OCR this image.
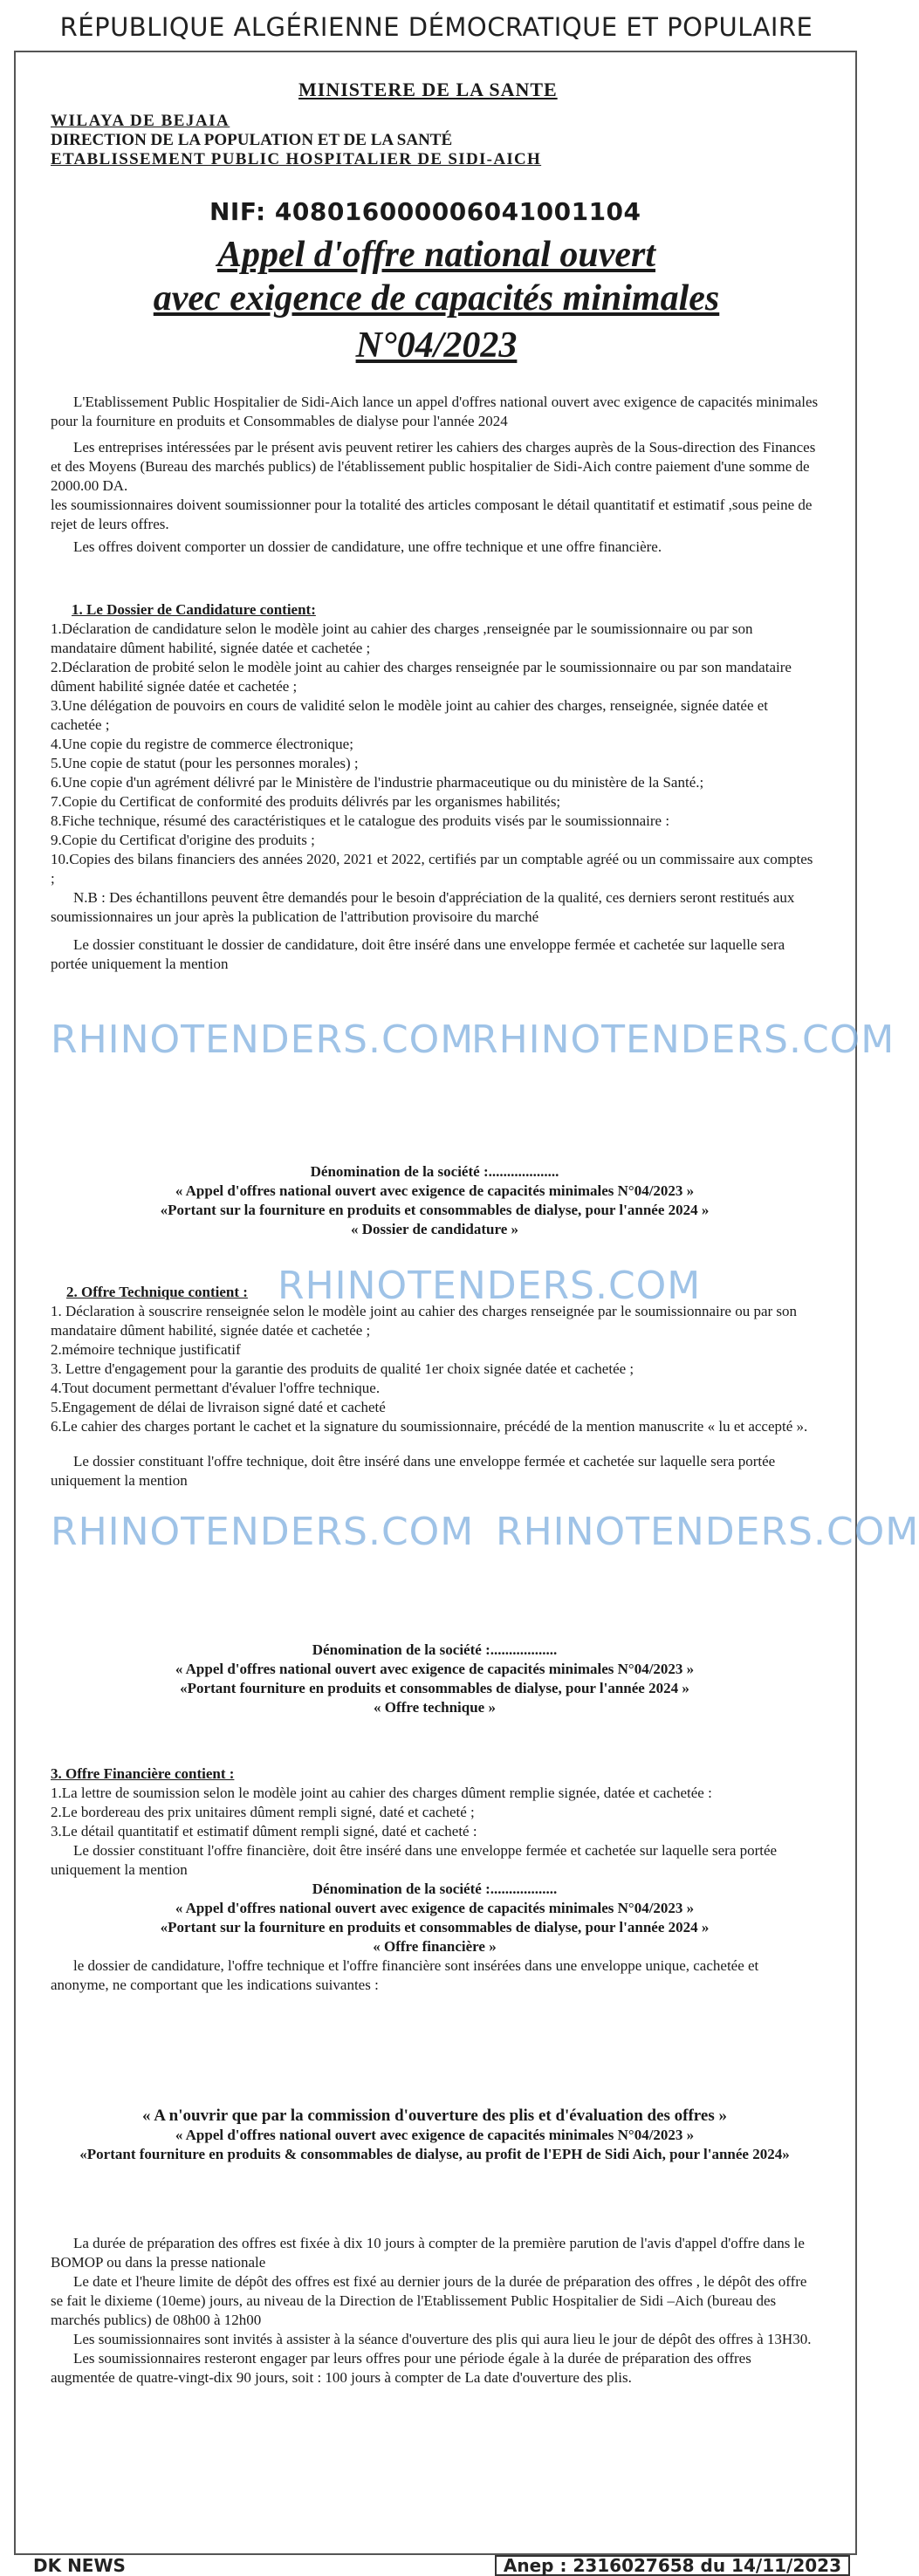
RÉPUBLIQUE ALGÉRIENNE DÉMOCRATIQUE ET POPULAIRE
MINISTERE DE LA SANTE
WILAYA DE BEJAIA
DIRECTION DE LA POPULATION ET DE LA SANTÉ
ETABLISSEMENT PUBLIC HOSPITALIER DE SIDI-AICH
NIF: 408016000006041001104
Appel d'offre national ouvert
avec exigence de capacités minimales
N°04/2023

L'Etablissement Public Hospitalier de Sidi-Aich lance un appel d'offres national ouvert avec exigence de capacités minimales pour la fourniture en produits et Consommables de dialyse pour l'année 2024

Les entreprises intéressées par le présent avis peuvent retirer les cahiers des charges auprès de la Sous-direction des Finances et des Moyens (Bureau des marchés publics) de l'établissement public hospitalier de Sidi-Aich contre paiement d'une somme de 2000.00 DA.

les soumissionnaires doivent soumissionner pour la totalité des articles composant le détail quantitatif et estimatif ,sous peine de rejet de leurs offres.

Les offres doivent comporter un dossier de candidature, une offre technique et une offre financière.

1. Le Dossier de Candidature contient:

1.Déclaration de candidature selon le modèle joint au cahier des charges ,renseignée par le soumissionnaire ou par son mandataire dûment habilité, signée datée et cachetée ;

2.Déclaration de probité selon le modèle joint au cahier des charges renseignée par le soumissionnaire ou par son mandataire dûment habilité signée datée et cachetée ;

3.Une délégation de pouvoirs en cours de validité selon le modèle joint au cahier des charges, renseignée, signée datée et cachetée ;

4.Une copie du registre de commerce électronique;

5.Une copie de statut (pour les personnes morales) ;

6.Une copie d'un agrément délivré par le Ministère de l'industrie pharmaceutique ou du ministère de la Santé.;

7.Copie du Certificat de conformité des produits délivrés par les organismes habilités;

8.Fiche technique, résumé des caractéristiques et le catalogue des produits visés par le soumissionnaire :

9.Copie du Certificat d'origine des produits ;

10.Copies des bilans financiers des années 2020, 2021 et 2022, certifiés par un comptable agréé ou un commissaire aux comptes ;

N.B : Des échantillons peuvent être demandés pour le besoin d'appréciation de la qualité, ces derniers seront restitués aux soumissionnaires un jour après la publication de l'attribution provisoire du marché

Le dossier constituant le dossier de candidature, doit être inséré dans une enveloppe fermée et cachetée sur laquelle sera portée uniquement la mention

Dénomination de la société :...................
« Appel d'offres national ouvert avec exigence de capacités minimales N°04/2023 »
«Portant sur la fourniture en produits et consommables de dialyse, pour l'année 2024 »
« Dossier de candidature »
2. Offre Technique contient :

1. Déclaration à souscrire renseignée selon le modèle joint au cahier des charges renseignée par le soumissionnaire ou par son mandataire dûment habilité, signée datée et cachetée ;

2.mémoire technique justificatif

3. Lettre d'engagement pour la garantie des produits de qualité 1er choix signée datée et cachetée ;

4.Tout document permettant d'évaluer l'offre technique.

5.Engagement de délai de livraison signé daté et cacheté

6.Le cahier des charges portant le cachet et la signature du soumissionnaire, précédé de la mention manuscrite « lu et accepté ».

Le dossier constituant l'offre technique, doit être inséré dans une enveloppe fermée et cachetée sur laquelle sera portée uniquement la mention

Dénomination de la société :..................
« Appel d'offres national ouvert avec exigence de capacités minimales N°04/2023 »
«Portant fourniture en produits et consommables de dialyse, pour l'année 2024 »
« Offre technique »
3. Offre Financière contient :

1.La lettre de soumission selon le modèle joint au cahier des charges dûment remplie signée, datée et cachetée :

2.Le bordereau des prix unitaires dûment rempli signé, daté et cacheté ;

3.Le détail quantitatif et estimatif dûment rempli signé, daté et cacheté :

Le dossier constituant l'offre financière, doit être inséré dans une enveloppe fermée et cachetée sur laquelle sera portée uniquement la mention

Dénomination de la société :..................
« Appel d'offres national ouvert avec exigence de capacités minimales N°04/2023 »
«Portant sur la fourniture en produits et consommables de dialyse, pour l'année 2024 »
« Offre financière »

le dossier de candidature, l'offre technique et l'offre financière sont insérées dans une enveloppe unique, cachetée et anonyme, ne comportant que les indications suivantes :

« A n'ouvrir que par la commission d'ouverture des plis et d'évaluation des offres »
« Appel d'offres national ouvert avec exigence de capacités minimales N°04/2023 »
«Portant fourniture en produits & consommables de dialyse, au profit de l'EPH de Sidi Aich, pour l'année 2024»

La durée de préparation des offres est fixée à dix 10 jours à compter de la première parution de l'avis d'appel d'offre dans le BOMOP ou dans la presse nationale

Le date et l'heure limite de dépôt des offres est fixé au dernier jours de la durée de préparation des offres , le dépôt des offre se fait le dixieme (10eme) jours, au niveau de la Direction de l'Etablissement Public Hospitalier de Sidi –Aich (bureau des marchés publics) de 08h00 à 12h00

Les soumissionnaires sont invités à assister à la séance d'ouverture des plis qui aura lieu le jour de dépôt des offres à 13H30.

Les soumissionnaires resteront engager par leurs offres pour une période égale à la durée de préparation des offres augmentée de quatre-vingt-dix 90 jours, soit : 100 jours à compter de La date d'ouverture des plis.

RHINOTENDERS.COM
RHINOTENDERS.COM
RHINOTENDERS.COM
RHINOTENDERS.COM RHINOTENDERS.COM
DK NEWS	Anep : 2316027658 du 14/11/2023
